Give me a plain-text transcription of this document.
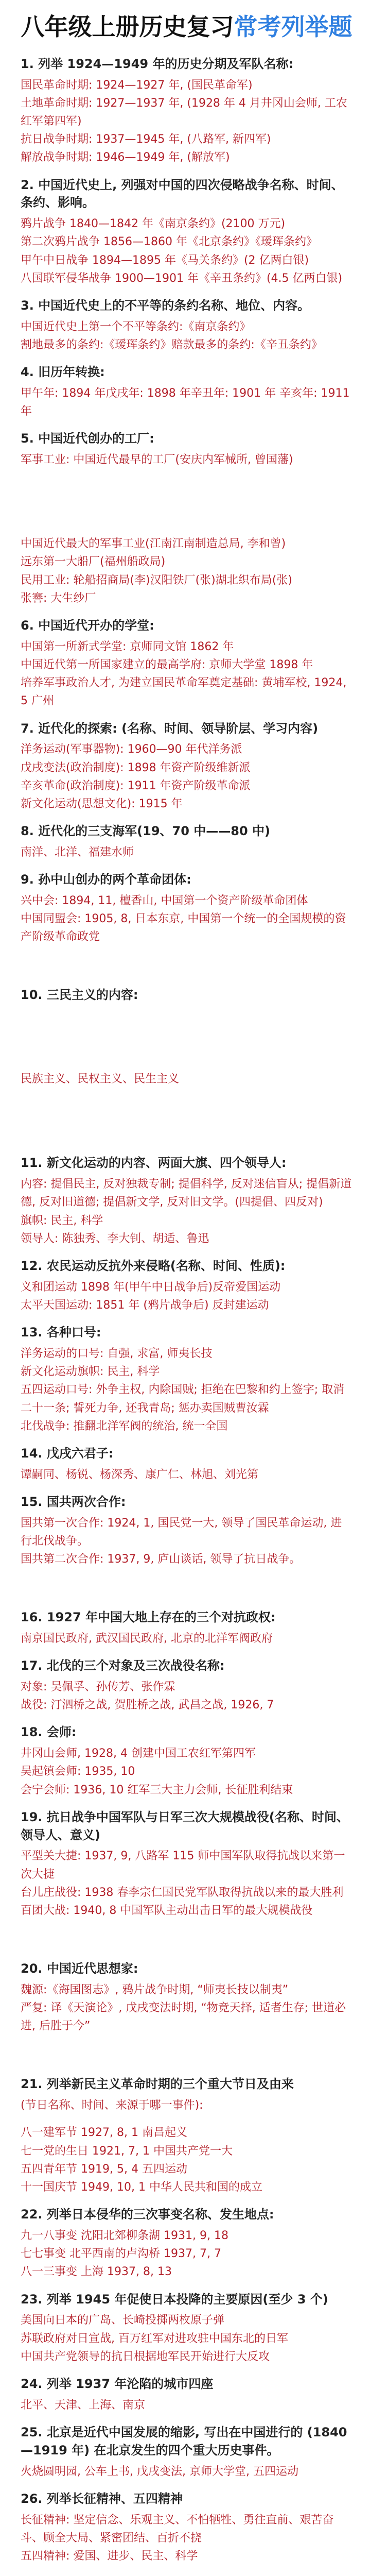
八年级上册历史复习常考列举题
1. 列举 1924—1949 年的历史分期及军队名称:
国民革命时期: 1924—1927 年, (国民革命军)
土地革命时期: 1927—1937 年, (1928 年 4 月井冈山会师, 工农红军第四军)
抗日战争时期: 1937—1945 年, (八路军, 新四军)
解放战争时期: 1946—1949 年, (解放军)
2. 中国近代史上, 列强对中国的四次侵略战争名称、时间、条约、影响。
鸦片战争 1840—1842 年《南京条约》(2100 万元)
第二次鸦片战争 1856—1860 年《北京条约》《瑷珲条约》
甲午中日战争 1894—1895 年《马关条约》(2 亿两白银)
八国联军侵华战争 1900—1901 年《辛丑条约》(4.5 亿两白银)
3. 中国近代史上的不平等的条约名称、地位、内容。
中国近代史上第一个不平等条约:《南京条约》
割地最多的条约:《瑷珲条约》赔款最多的条约:《辛丑条约》
4. 旧历年转换:
甲午年: 1894 年戊戌年: 1898 年辛丑年: 1901 年 辛亥年: 1911 年
5. 中国近代创办的工厂:
军事工业: 中国近代最早的工厂(安庆内军械所, 曾国藩)
中国近代最大的军事工业(江南江南制造总局, 李和曾)
远东第一大船厂(福州船政局)
民用工业: 轮船招商局(李)汉阳铁厂(张)湖北织布局(张)
张謇: 大生纱厂
6. 中国近代开办的学堂:
中国第一所新式学堂: 京师同文馆 1862 年
中国近代第一所国家建立的最高学府: 京师大学堂 1898 年
培养军事政治人才, 为建立国民革命军奠定基础: 黄埔军校, 1924, 5 广州
7. 近代化的探索: (名称、时间、领导阶层、学习内容)
洋务运动(军事器物): 1960—90 年代洋务派
戊戌变法(政治制度): 1898 年资产阶级维新派
辛亥革命(政治制度): 1911 年资产阶级革命派
新文化运动(思想文化): 1915 年
8. 近代化的三支海军(19、70 中——80 中)
南洋、北洋、福建水师
9. 孙中山创办的两个革命团体:
兴中会: 1894, 11, 檀香山, 中国第一个资产阶级革命团体
中国同盟会: 1905, 8, 日本东京, 中国第一个统一的全国规模的资产阶级革命政党
10. 三民主义的内容:
民族主义、民权主义、民生主义
11. 新文化运动的内容、两面大旗、四个领导人:
内容: 提倡民主, 反对独裁专制; 提倡科学, 反对迷信盲从; 提倡新道德, 反对旧道德; 提倡新文学, 反对旧文学。(四提倡、四反对)
旗帜: 民主, 科学
领导人: 陈独秀、李大钊、胡适、鲁迅
12. 农民运动反抗外来侵略(名称、时间、性质):
义和团运动 1898 年(甲午中日战争后)反帝爱国运动
太平天国运动: 1851 年 (鸦片战争后) 反封建运动
13. 各种口号:
洋务运动的口号: 自强, 求富, 师夷长技
新文化运动旗帜: 民主, 科学
五四运动口号: 外争主权, 内除国贼; 拒绝在巴黎和约上签字; 取消二十一条; 誓死力争, 还我青岛; 惩办卖国贼曹汝霖
北伐战争: 推翻北洋军阀的统治, 统一全国
14. 戊戌六君子:
谭嗣同、杨锐、杨深秀、康广仁、林旭、刘光第
15. 国共两次合作:
国共第一次合作: 1924, 1, 国民党一大, 领导了国民革命运动, 进行北伐战争。
国共第二次合作: 1937, 9, 庐山谈话, 领导了抗日战争。
16. 1927 年中国大地上存在的三个对抗政权:
南京国民政府, 武汉国民政府, 北京的北洋军阀政府
17. 北伐的三个对象及三次战役名称:
对象: 吴佩孚、孙传芳、张作霖
战役: 汀泗桥之战, 贺胜桥之战, 武昌之战, 1926, 7
18. 会师:
井冈山会师, 1928, 4 创建中国工农红军第四军
吴起镇会师: 1935, 10
会宁会师: 1936, 10 红军三大主力会师, 长征胜利结束
19. 抗日战争中国军队与日军三次大规模战役(名称、时间、领导人、意义)
平型关大捷: 1937, 9, 八路军 115 师中国军队取得抗战以来第一次大捷
台儿庄战役: 1938 春李宗仁国民党军队取得抗战以来的最大胜利
百团大战: 1940, 8 中国军队主动出击日军的最大规模战役
20. 中国近代思想家:
魏源:《海国图志》, 鸦片战争时期, “师夷长技以制夷”
严复: 译《天演论》, 戊戌变法时期, “物竞天择, 适者生存; 世道必进, 后胜于今”
21. 列举新民主义革命时期的三个重大节日及由来
(节日名称、时间、来源于哪一事件):
八一建军节 1927, 8, 1 南昌起义
七一党的生日 1921, 7, 1 中国共产党一大
五四青年节 1919, 5, 4 五四运动
十一国庆节 1949, 10, 1 中华人民共和国的成立
22. 列举日本侵华的三次事变名称、发生地点:
九一八事变 沈阳北郊柳条湖 1931, 9, 18
七七事变 北平西南的卢沟桥 1937, 7, 7
八一三事变 上海 1937, 8, 13
23. 列举 1945 年促使日本投降的主要原因(至少 3 个)
美国向日本的广岛、长崎投掷两枚原子弹
苏联政府对日宣战, 百万红军对进攻驻中国东北的日军
中国共产党领导的抗日根据地军民开始进行大反攻
24. 列举 1937 年沦陷的城市四座
北平、天津、上海、南京
25. 北京是近代中国发展的缩影, 写出在中国进行的 (1840—1919 年) 在北京发生的四个重大历史事件。
火烧圆明园, 公车上书, 戊戌变法, 京师大学堂, 五四运动
26. 列举长征精神、五四精神
长征精神: 坚定信念、乐观主义、不怕牺牲、勇往直前、艰苦奋斗、顾全大局、紧密团结、百折不挠
五四精神: 爱国、进步、民主、科学
